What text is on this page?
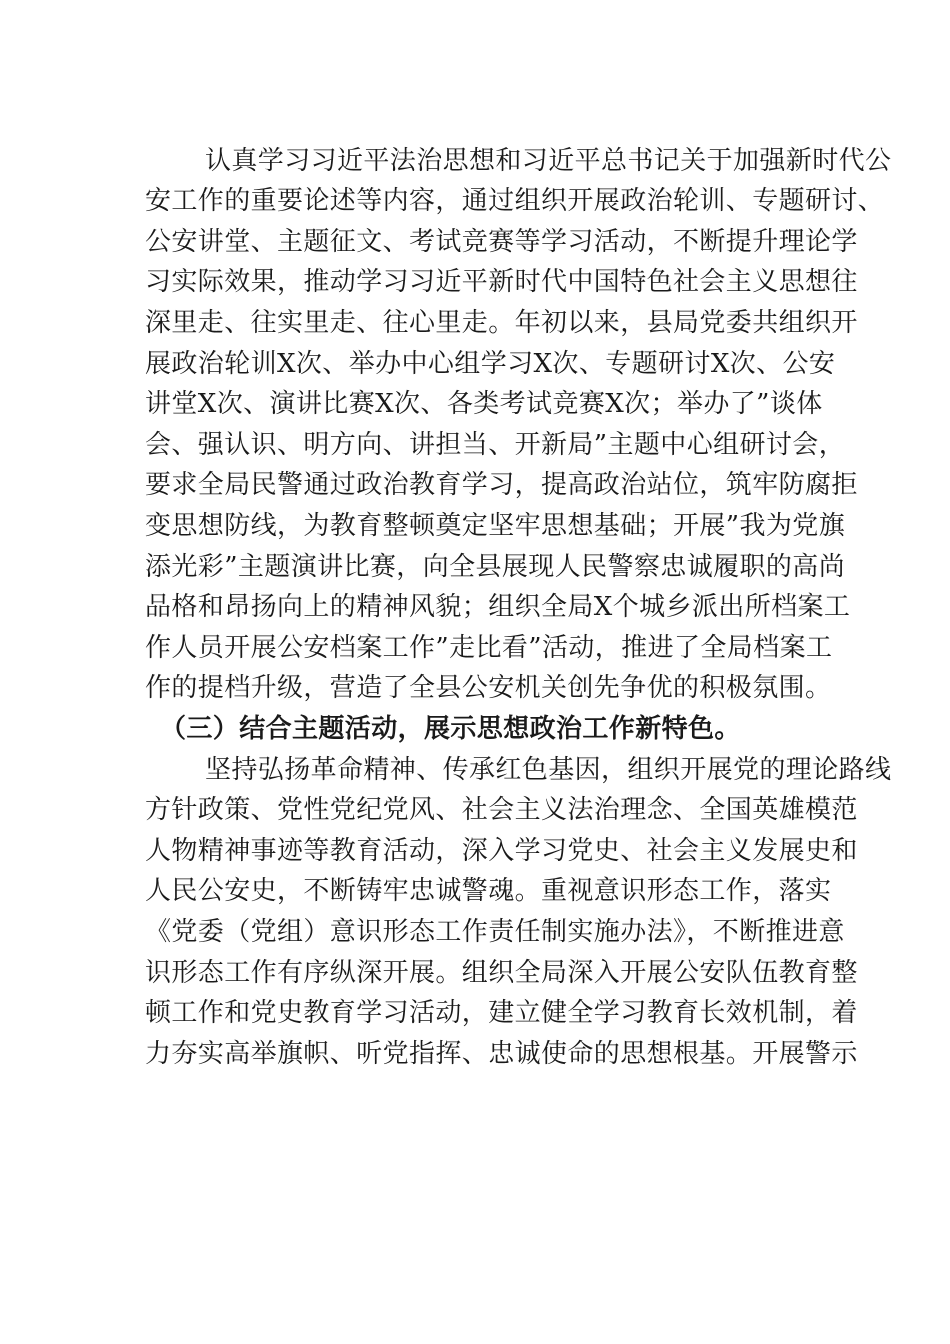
认真学习习近平法治思想和习近平总书记关于加强新时代公
安工作的重要论述等内容，通过组织开展政治轮训、专题研讨、
公安讲堂、主题征文、考试竞赛等学习活动，不断提升理论学
习实际效果，推动学习习近平新时代中国特色社会主义思想往
深里走、往实里走、往心里走。年初以来，县局党委共组织开
展政治轮训X次、举办中心组学习X次、专题研讨X次、公安
讲堂X次、演讲比赛X次、各类考试竞赛X次；举办了”谈体
会、强认识、明方向、讲担当、开新局”主题中心组研讨会，
要求全局民警通过政治教育学习，提高政治站位，筑牢防腐拒
变思想防线，为教育整顿奠定坚牢思想基础；开展”我为党旗
添光彩”主题演讲比赛，向全县展现人民警察忠诚履职的高尚
品格和昂扬向上的精神风貌；组织全局X个城乡派出所档案工
作人员开展公安档案工作”走比看”活动，推进了全局档案工
作的提档升级，营造了全县公安机关创先争优的积极氛围。
（三）结合主题活动，展示思想政治工作新特色。
坚持弘扬革命精神、传承红色基因，组织开展党的理论路线
方针政策、党性党纪党风、社会主义法治理念、全国英雄模范
人物精神事迹等教育活动，深入学习党史、社会主义发展史和
人民公安史，不断铸牢忠诚警魂。重视意识形态工作，落实
《党委（党组）意识形态工作责任制实施办法》，不断推进意
识形态工作有序纵深开展。组织全局深入开展公安队伍教育整
顿工作和党史教育学习活动，建立健全学习教育长效机制，着
力夯实高举旗帜、听党指挥、忠诚使命的思想根基。开展警示
